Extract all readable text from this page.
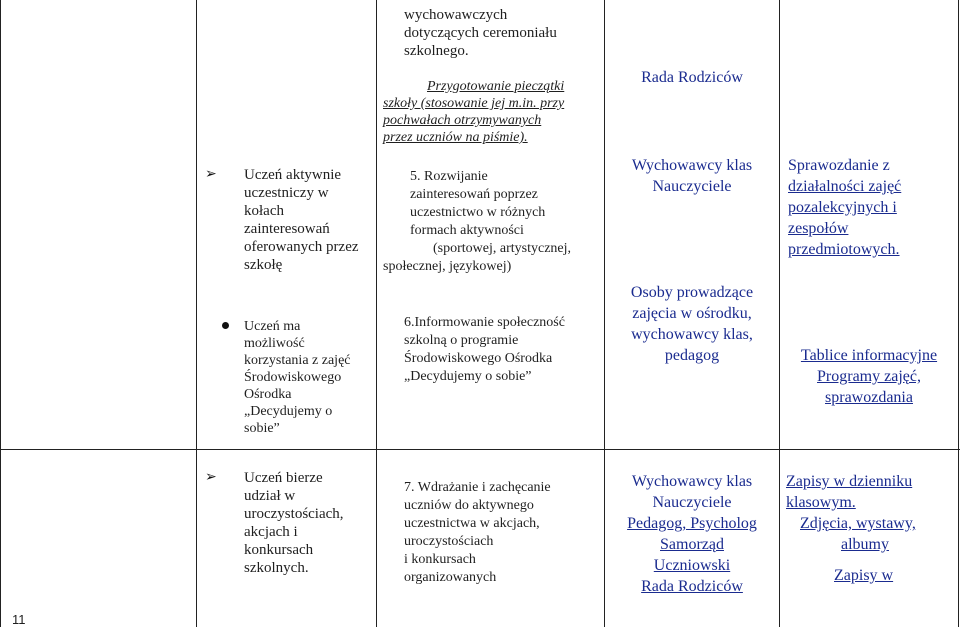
➢ Uczeń aktywnie
uczestniczy w
kołach
zainteresowań
oferowanych przez
szkołę
Uczeń ma
możliwość
korzystania z zajęć
Środowiskowego
Ośrodka
„Decydujemy o
sobie”
wychowawczych
dotyczących ceremoniału
szkolnego.
Przygotowanie pieczątki
szkoły (stosowanie jej m.in. przy
pochwałach otrzymywanych
przez uczniów na piśmie).
5. Rozwijanie
zainteresowań poprzez
uczestnictwo w różnych
formach aktywności
(sportowej, artystycznej,
społecznej, językowej)
6.Informowanie społeczność
szkolną o programie
Środowiskowego Ośrodka
„Decydujemy o sobie”
Rada Rodziców
Wychowawcy klas
Nauczyciele
Osoby prowadzące
zajęcia w ośrodku,
wychowawcy klas,
pedagog
Sprawozdanie z
działalności zajęć
pozalekcyjnych i
zespołów
przedmiotowych.
Tablice informacyjne
Programy zajęć,
sprawozdania
➢ Uczeń bierze
udział w
uroczystościach,
akcjach i
konkursach
szkolnych.
7. Wdrażanie i zachęcanie
uczniów do aktywnego
uczestnictwa w akcjach,
uroczystościach
i konkursach
organizowanych
Wychowawcy klas
Nauczyciele
Pedagog, Psycholog
Samorząd
Uczniowski
Rada Rodziców
Zapisy w dzienniku
klasowym.
Zdjęcia, wystawy,
albumy
Zapisy w
11
